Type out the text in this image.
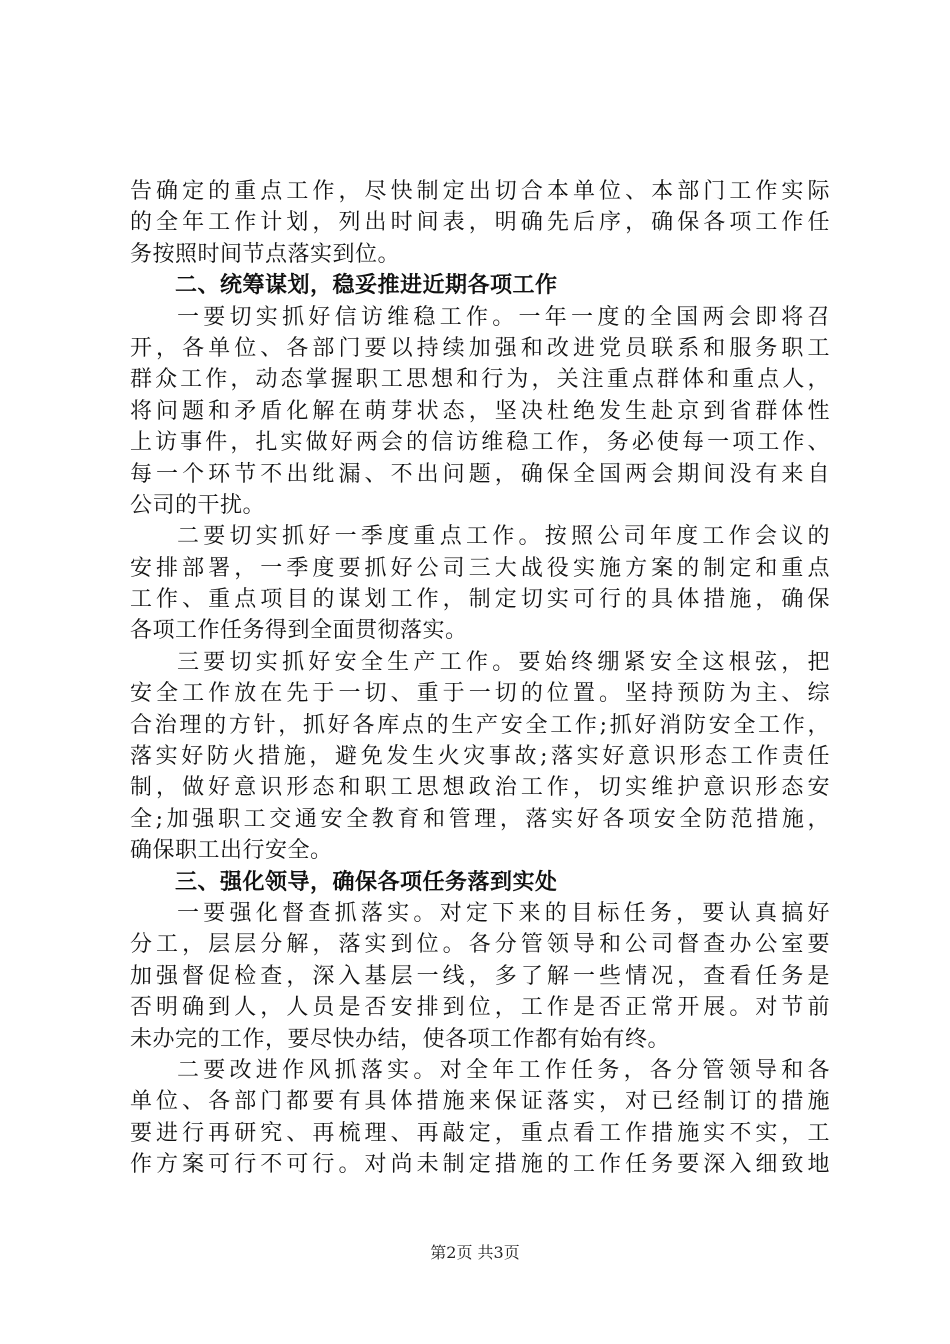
告确定的重点工作，尽快制定出切合本单位、本部门工作实际
的全年工作计划，列出时间表，明确先后序，确保各项工作任
务按照时间节点落实到位。
二、统筹谋划，稳妥推进近期各项工作
一要切实抓好信访维稳工作。一年一度的全国两会即将召
开，各单位、各部门要以持续加强和改进党员联系和服务职工
群众工作，动态掌握职工思想和行为，关注重点群体和重点人，
将问题和矛盾化解在萌芽状态，坚决杜绝发生赴京到省群体性
上访事件，扎实做好两会的信访维稳工作，务必使每一项工作、
每一个环节不出纰漏、不出问题，确保全国两会期间没有来自
公司的干扰。
二要切实抓好一季度重点工作。按照公司年度工作会议的
安排部署，一季度要抓好公司三大战役实施方案的制定和重点
工作、重点项目的谋划工作，制定切实可行的具体措施，确保
各项工作任务得到全面贯彻落实。
三要切实抓好安全生产工作。要始终绷紧安全这根弦，把
安全工作放在先于一切、重于一切的位置。坚持预防为主、综
合治理的方针，抓好各库点的生产安全工作;抓好消防安全工作，
落实好防火措施，避免发生火灾事故;落实好意识形态工作责任
制，做好意识形态和职工思想政治工作，切实维护意识形态安
全;加强职工交通安全教育和管理，落实好各项安全防范措施，
确保职工出行安全。
三、强化领导，确保各项任务落到实处
一要强化督查抓落实。对定下来的目标任务，要认真搞好
分工，层层分解，落实到位。各分管领导和公司督查办公室要
加强督促检查，深入基层一线，多了解一些情况，查看任务是
否明确到人，人员是否安排到位，工作是否正常开展。对节前
未办完的工作，要尽快办结，使各项工作都有始有终。
二要改进作风抓落实。对全年工作任务，各分管领导和各
单位、各部门都要有具体措施来保证落实，对已经制订的措施
要进行再研究、再梳理、再敲定，重点看工作措施实不实，工
作方案可行不可行。对尚未制定措施的工作任务要深入细致地
第2页 共3页
